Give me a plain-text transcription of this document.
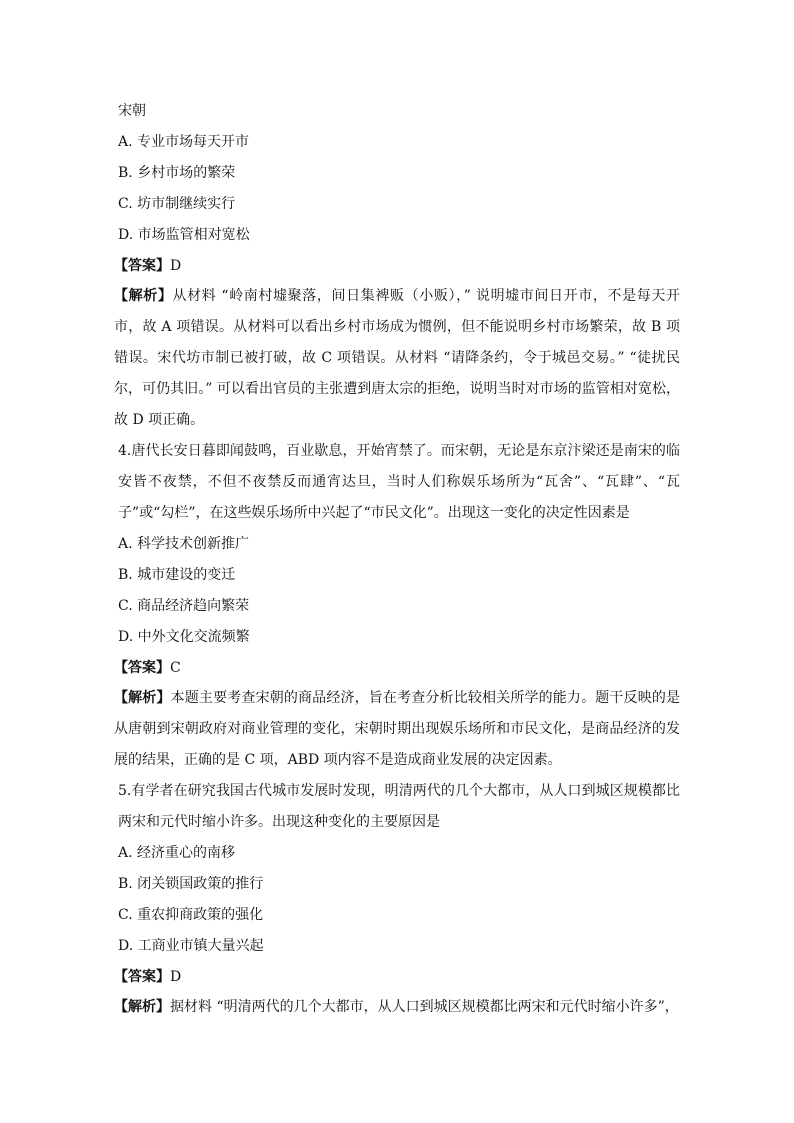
宋朝

A. 专业市场每天开市

B. 乡村市场的繁荣

C. 坊市制继续实行

D. 市场监管相对宽松

【答案】D

【解析】从材料 “岭南村墟聚落，间日集裨贩（小贩），” 说明墟市间日开市，不是每天开市，故 A 项错误。从材料可以看出乡村市场成为惯例，但不能说明乡村市场繁荣，故 B 项错误。宋代坊市制已被打破，故 C 项错误。从材料 “请降条约，令于城邑交易。” “徒扰民尔，可仍其旧。” 可以看出官员的主张遭到唐太宗的拒绝，说明当时对市场的监管相对宽松，故 D 项正确。

4.唐代长安日暮即闻鼓鸣，百业歇息，开始宵禁了。而宋朝，无论是东京汴梁还是南宋的临安皆不夜禁，不但不夜禁反而通宵达旦，当时人们称娱乐场所为“瓦舍”、“瓦肆”、“瓦子”或“勾栏”，在这些娱乐场所中兴起了“市民文化”。出现这一变化的决定性因素是

A. 科学技术创新推广

B. 城市建设的变迁

C. 商品经济趋向繁荣

D. 中外文化交流频繁

【答案】C

【解析】本题主要考查宋朝的商品经济，旨在考查分析比较相关所学的能力。题干反映的是从唐朝到宋朝政府对商业管理的变化，宋朝时期出现娱乐场所和市民文化，是商品经济的发展的结果，正确的是 C 项，ABD 项内容不是造成商业发展的决定因素。

5.有学者在研究我国古代城市发展时发现，明清两代的几个大都市，从人口到城区规模都比两宋和元代时缩小许多。出现这种变化的主要原因是

A. 经济重心的南移

B. 闭关锁国政策的推行

C. 重农抑商政策的强化

D. 工商业市镇大量兴起

【答案】D

【解析】据材料 “明清两代的几个大都市，从人口到城区规模都比两宋和元代时缩小许多”，
